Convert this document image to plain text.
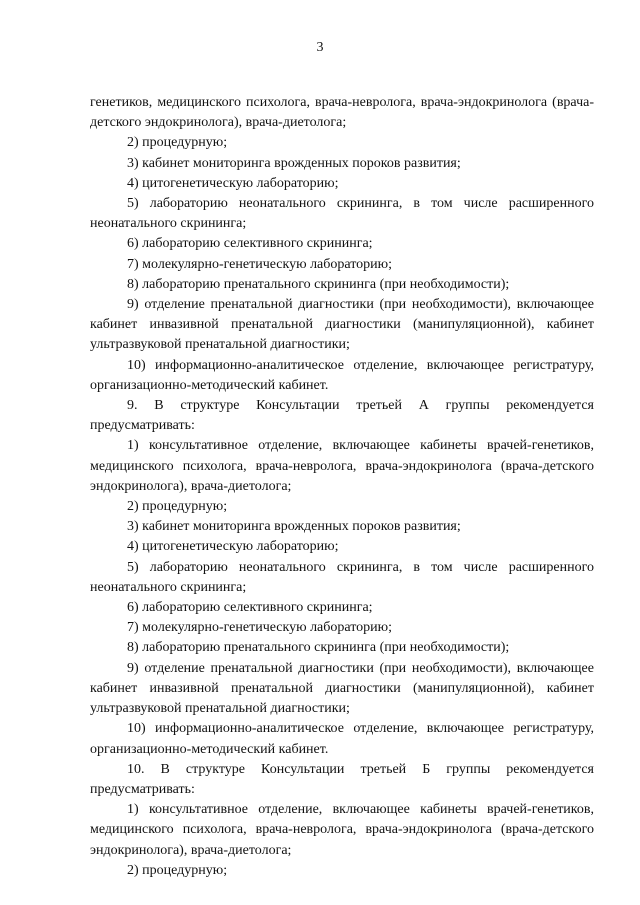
3

генетиков, медицинского психолога, врача-невролога, врача-эндокринолога (врача-детского эндокринолога), врача-диетолога;

2) процедурную;

3) кабинет мониторинга врожденных пороков развития;

4) цитогенетическую лабораторию;

5) лабораторию неонатального скрининга, в том числе расширенного неонатального скрининга;

6) лабораторию селективного скрининга;

7) молекулярно-генетическую лабораторию;

8) лабораторию пренатального скрининга (при необходимости);

9) отделение пренатальной диагностики (при необходимости), включающее кабинет инвазивной пренатальной диагностики (манипуляционной), кабинет ультразвуковой пренатальной диагностики;

10) информационно-аналитическое отделение, включающее регистратуру, организационно-методический кабинет.

9. В структуре Консультации третьей А группы рекомендуется предусматривать:

1) консультативное отделение, включающее кабинеты врачей-генетиков, медицинского психолога, врача-невролога, врача-эндокринолога (врача-детского эндокринолога), врача-диетолога;

2) процедурную;

3) кабинет мониторинга врожденных пороков развития;

4) цитогенетическую лабораторию;

5) лабораторию неонатального скрининга, в том числе расширенного неонатального скрининга;

6) лабораторию селективного скрининга;

7) молекулярно-генетическую лабораторию;

8) лабораторию пренатального скрининга (при необходимости);

9) отделение пренатальной диагностики (при необходимости), включающее кабинет инвазивной пренатальной диагностики (манипуляционной), кабинет ультразвуковой пренатальной диагностики;

10) информационно-аналитическое отделение, включающее регистратуру, организационно-методический кабинет.

10. В структуре Консультации третьей Б группы рекомендуется предусматривать:

1) консультативное отделение, включающее кабинеты врачей-генетиков, медицинского психолога, врача-невролога, врача-эндокринолога (врача-детского эндокринолога), врача-диетолога;

2) процедурную;
